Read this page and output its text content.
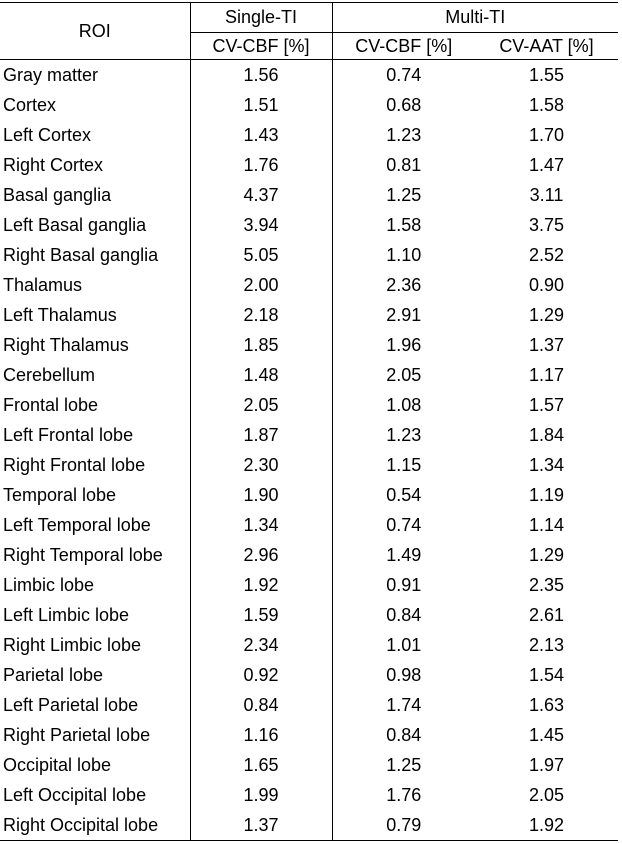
ROI	Single-TI	Multi-TI	
	CV-CBF [%]	CV-CBF [%]	CV-AAT [%]
Gray matter	1.56	0.74	1.55
Cortex	1.51	0.68	1.58
Left Cortex	1.43	1.23	1.70
Right Cortex	1.76	0.81	1.47
Basal ganglia	4.37	1.25	3.11
Left Basal ganglia	3.94	1.58	3.75
Right Basal ganglia	5.05	1.10	2.52
Thalamus	2.00	2.36	0.90
Left Thalamus	2.18	2.91	1.29
Right Thalamus	1.85	1.96	1.37
Cerebellum	1.48	2.05	1.17
Frontal lobe	2.05	1.08	1.57
Left Frontal lobe	1.87	1.23	1.84
Right Frontal lobe	2.30	1.15	1.34
Temporal lobe	1.90	0.54	1.19
Left Temporal lobe	1.34	0.74	1.14
Right Temporal lobe	2.96	1.49	1.29
Limbic lobe	1.92	0.91	2.35
Left Limbic lobe	1.59	0.84	2.61
Right Limbic lobe	2.34	1.01	2.13
Parietal lobe	0.92	0.98	1.54
Left Parietal lobe	0.84	1.74	1.63
Right Parietal lobe	1.16	0.84	1.45
Occipital lobe	1.65	1.25	1.97
Left Occipital lobe	1.99	1.76	2.05
Right Occipital lobe	1.37	0.79	1.92
